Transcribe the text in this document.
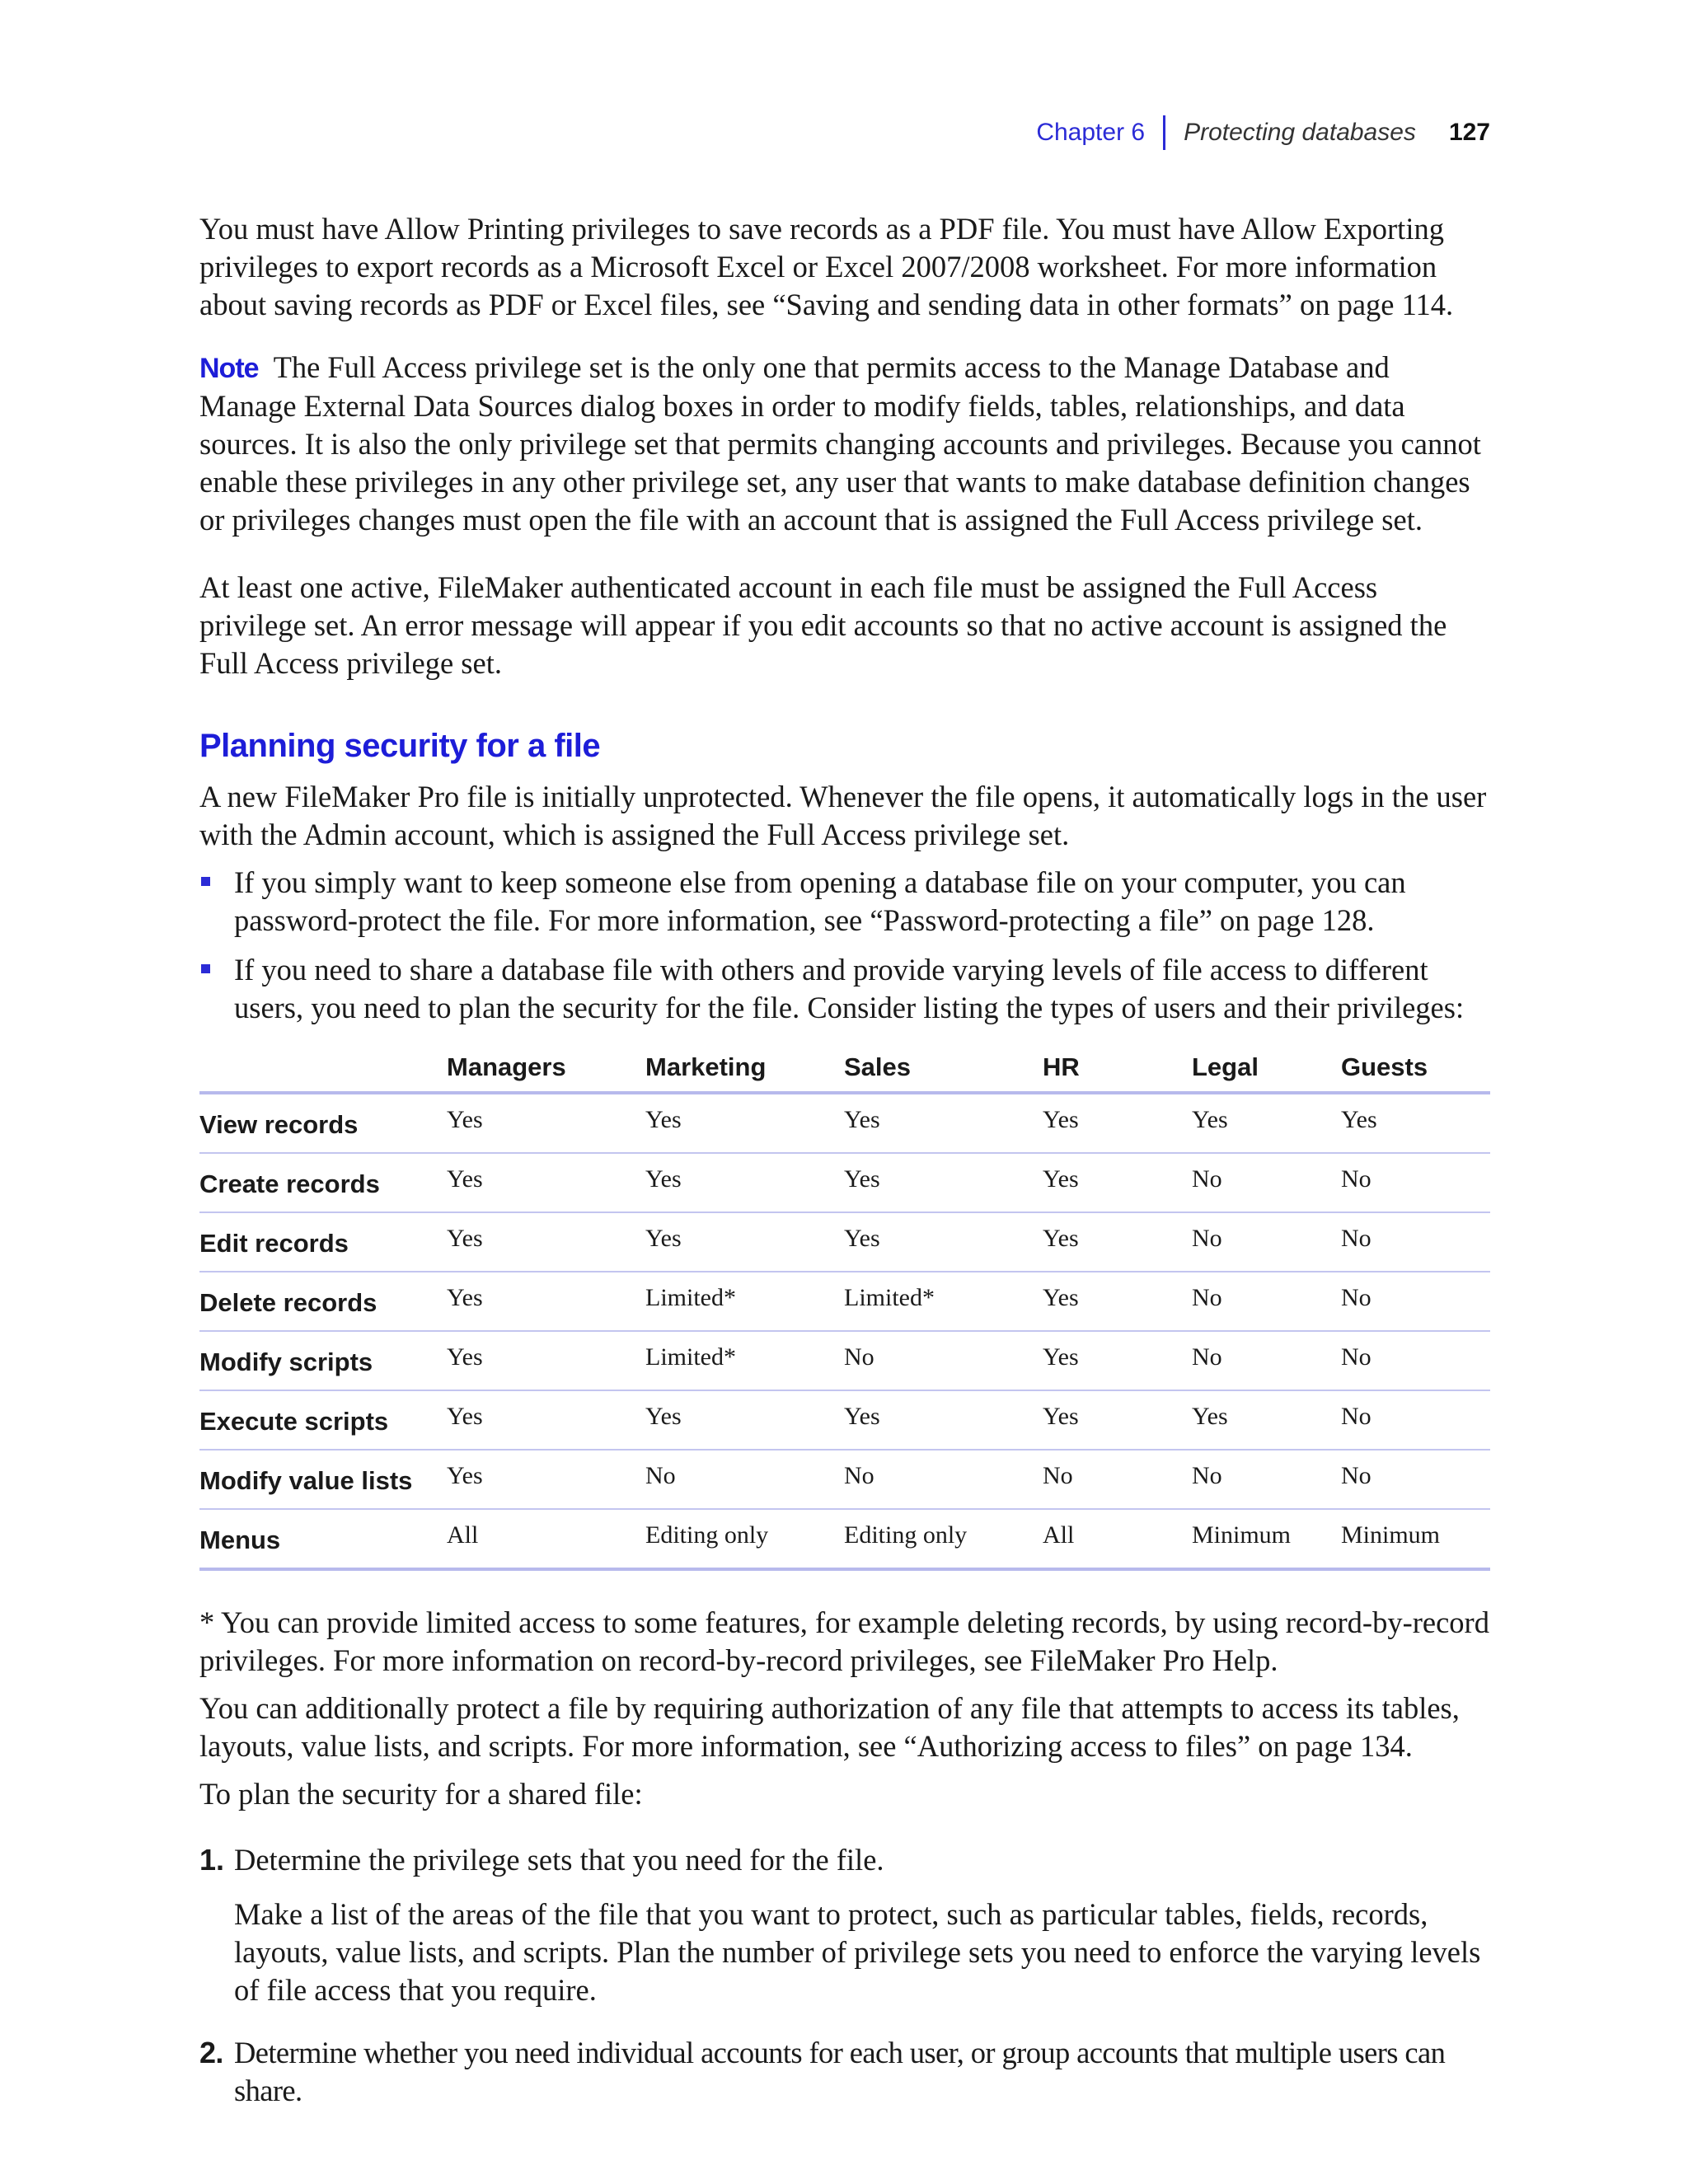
Chapter 6 Protecting databases 127

You must have Allow Printing privileges to save records as a PDF file. You must have Allow Exporting privileges to export records as a Microsoft Excel or Excel 2007/2008 worksheet. For more information about saving records as PDF or Excel files, see “Saving and sending data in other formats” on page 114.

Note The Full Access privilege set is the only one that permits access to the Manage Database and Manage External Data Sources dialog boxes in order to modify fields, tables, relationships, and data sources. It is also the only privilege set that permits changing accounts and privileges. Because you cannot enable these privileges in any other privilege set, any user that wants to make database definition changes or privileges changes must open the file with an account that is assigned the Full Access privilege set.

At least one active, FileMaker authenticated account in each file must be assigned the Full Access privilege set. An error message will appear if you edit accounts so that no active account is assigned the Full Access privilege set.

Planning security for a file

A new FileMaker Pro file is initially unprotected. Whenever the file opens, it automatically logs in the user with the Admin account, which is assigned the Full Access privilege set.

If you simply want to keep someone else from opening a database file on your computer, you can password-protect the file. For more information, see “Password-protecting a file” on page 128.
If you need to share a database file with others and provide varying levels of file access to different users, you need to plan the security for the file. Consider listing the types of users and their privileges:
	Managers	Marketing	Sales	HR	Legal	Guests
View records	Yes	Yes	Yes	Yes	Yes	Yes
Create records	Yes	Yes	Yes	Yes	No	No
Edit records	Yes	Yes	Yes	Yes	No	No
Delete records	Yes	Limited*	Limited*	Yes	No	No
Modify scripts	Yes	Limited*	No	Yes	No	No
Execute scripts	Yes	Yes	Yes	Yes	Yes	No
Modify value lists	Yes	No	No	No	No	No
Menus	All	Editing only	Editing only	All	Minimum	Minimum

* You can provide limited access to some features, for example deleting records, by using record-by-record privileges. For more information on record-by-record privileges, see FileMaker Pro Help.

You can additionally protect a file by requiring authorization of any file that attempts to access its tables, layouts, value lists, and scripts. For more information, see “Authorizing access to files” on page 134.

To plan the security for a shared file:

1. Determine the privilege sets that you need for the file.

Make a list of the areas of the file that you want to protect, such as particular tables, fields, records, layouts, value lists, and scripts. Plan the number of privilege sets you need to enforce the varying levels of file access that you require.

2. Determine whether you need individual accounts for each user, or group accounts that multiple users can share.
